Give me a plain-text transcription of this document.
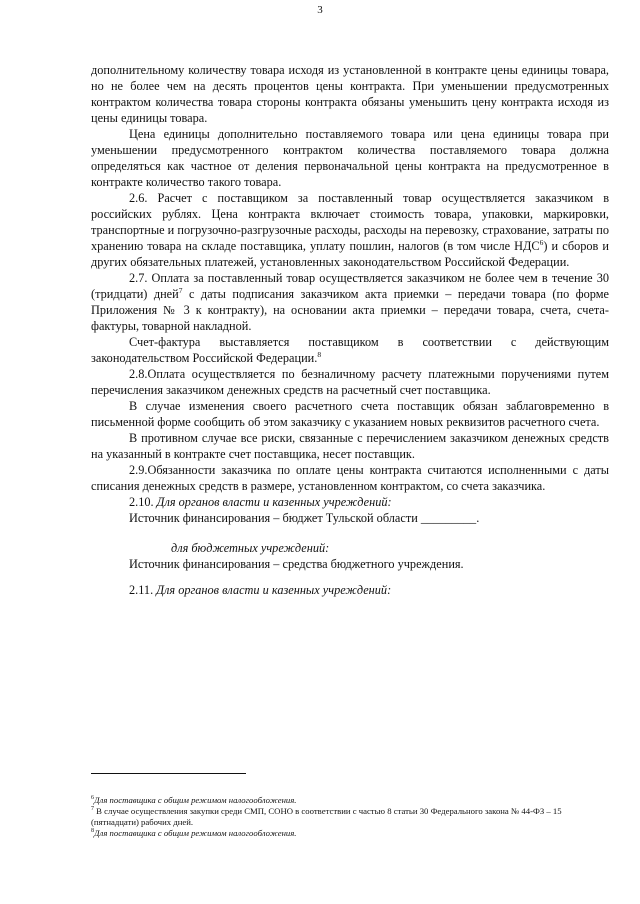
3

дополнительному количеству товара исходя из установленной в контракте цены единицы товара, но не более чем на десять процентов цены контракта. При уменьшении предусмотренных контрактом количества товара стороны контракта обязаны уменьшить цену контракта исходя из цены единицы товара.

Цена единицы дополнительно поставляемого товара или цена единицы товара при уменьшении предусмотренного контрактом количества поставляемого товара должна определяться как частное от деления первоначальной цены контракта на предусмотренное в контракте количество такого товара.

2.6. Расчет с поставщиком за поставленный товар осуществляется заказчиком в российских рублях. Цена контракта включает стоимость товара, упаковки, маркировки, транспортные и погрузочно-разгрузочные расходы, расходы на перевозку, страхование, затраты по хранению товара на складе поставщика, уплату пошлин, налогов (в том числе НДС$^6$) и сборов и других обязательных платежей, установленных законодательством Российской Федерации.

2.7. Оплата за поставленный товар осуществляется заказчиком не более чем в течение 30 (тридцати) дней$^7$ с даты подписания заказчиком акта приемки – передачи товара (по форме Приложения № 3 к контракту), на основании акта приемки – передачи товара, счета, счета-фактуры, товарной накладной.

Счет-фактура выставляется поставщиком в соответствии с действующим законодательством Российской Федерации.$^8$

2.8.Оплата осуществляется по безналичному расчету платежными поручениями путем перечисления заказчиком денежных средств на расчетный счет поставщика.

В случае изменения своего расчетного счета поставщик обязан заблаговременно в письменной форме сообщить об этом заказчику с указанием новых реквизитов расчетного счета.

В противном случае все риски, связанные с перечислением заказчиком денежных средств на указанный в контракте счет поставщика, несет поставщик.

2.9.Обязанности заказчика по оплате цены контракта считаются исполненными с даты списания денежных средств в размере, установленном контрактом, со счета заказчика.

2.10. Для органов власти и казенных учреждений:

Источник финансирования – бюджет Тульской области _________.

для бюджетных учреждений:

Источник финансирования – средства бюджетного учреждения.

2.11. Для органов власти и казенных учреждений:

$^6$Для поставщика с общим режимом налогообложения.

$^7$ В случае осуществления закупки среди СМП, СОНО в соответствии с частью 8 статьи 30 Федерального закона № 44-ФЗ – 15 (пятнадцати) рабочих дней.

$^8$Для поставщика с общим режимом налогообложения.
